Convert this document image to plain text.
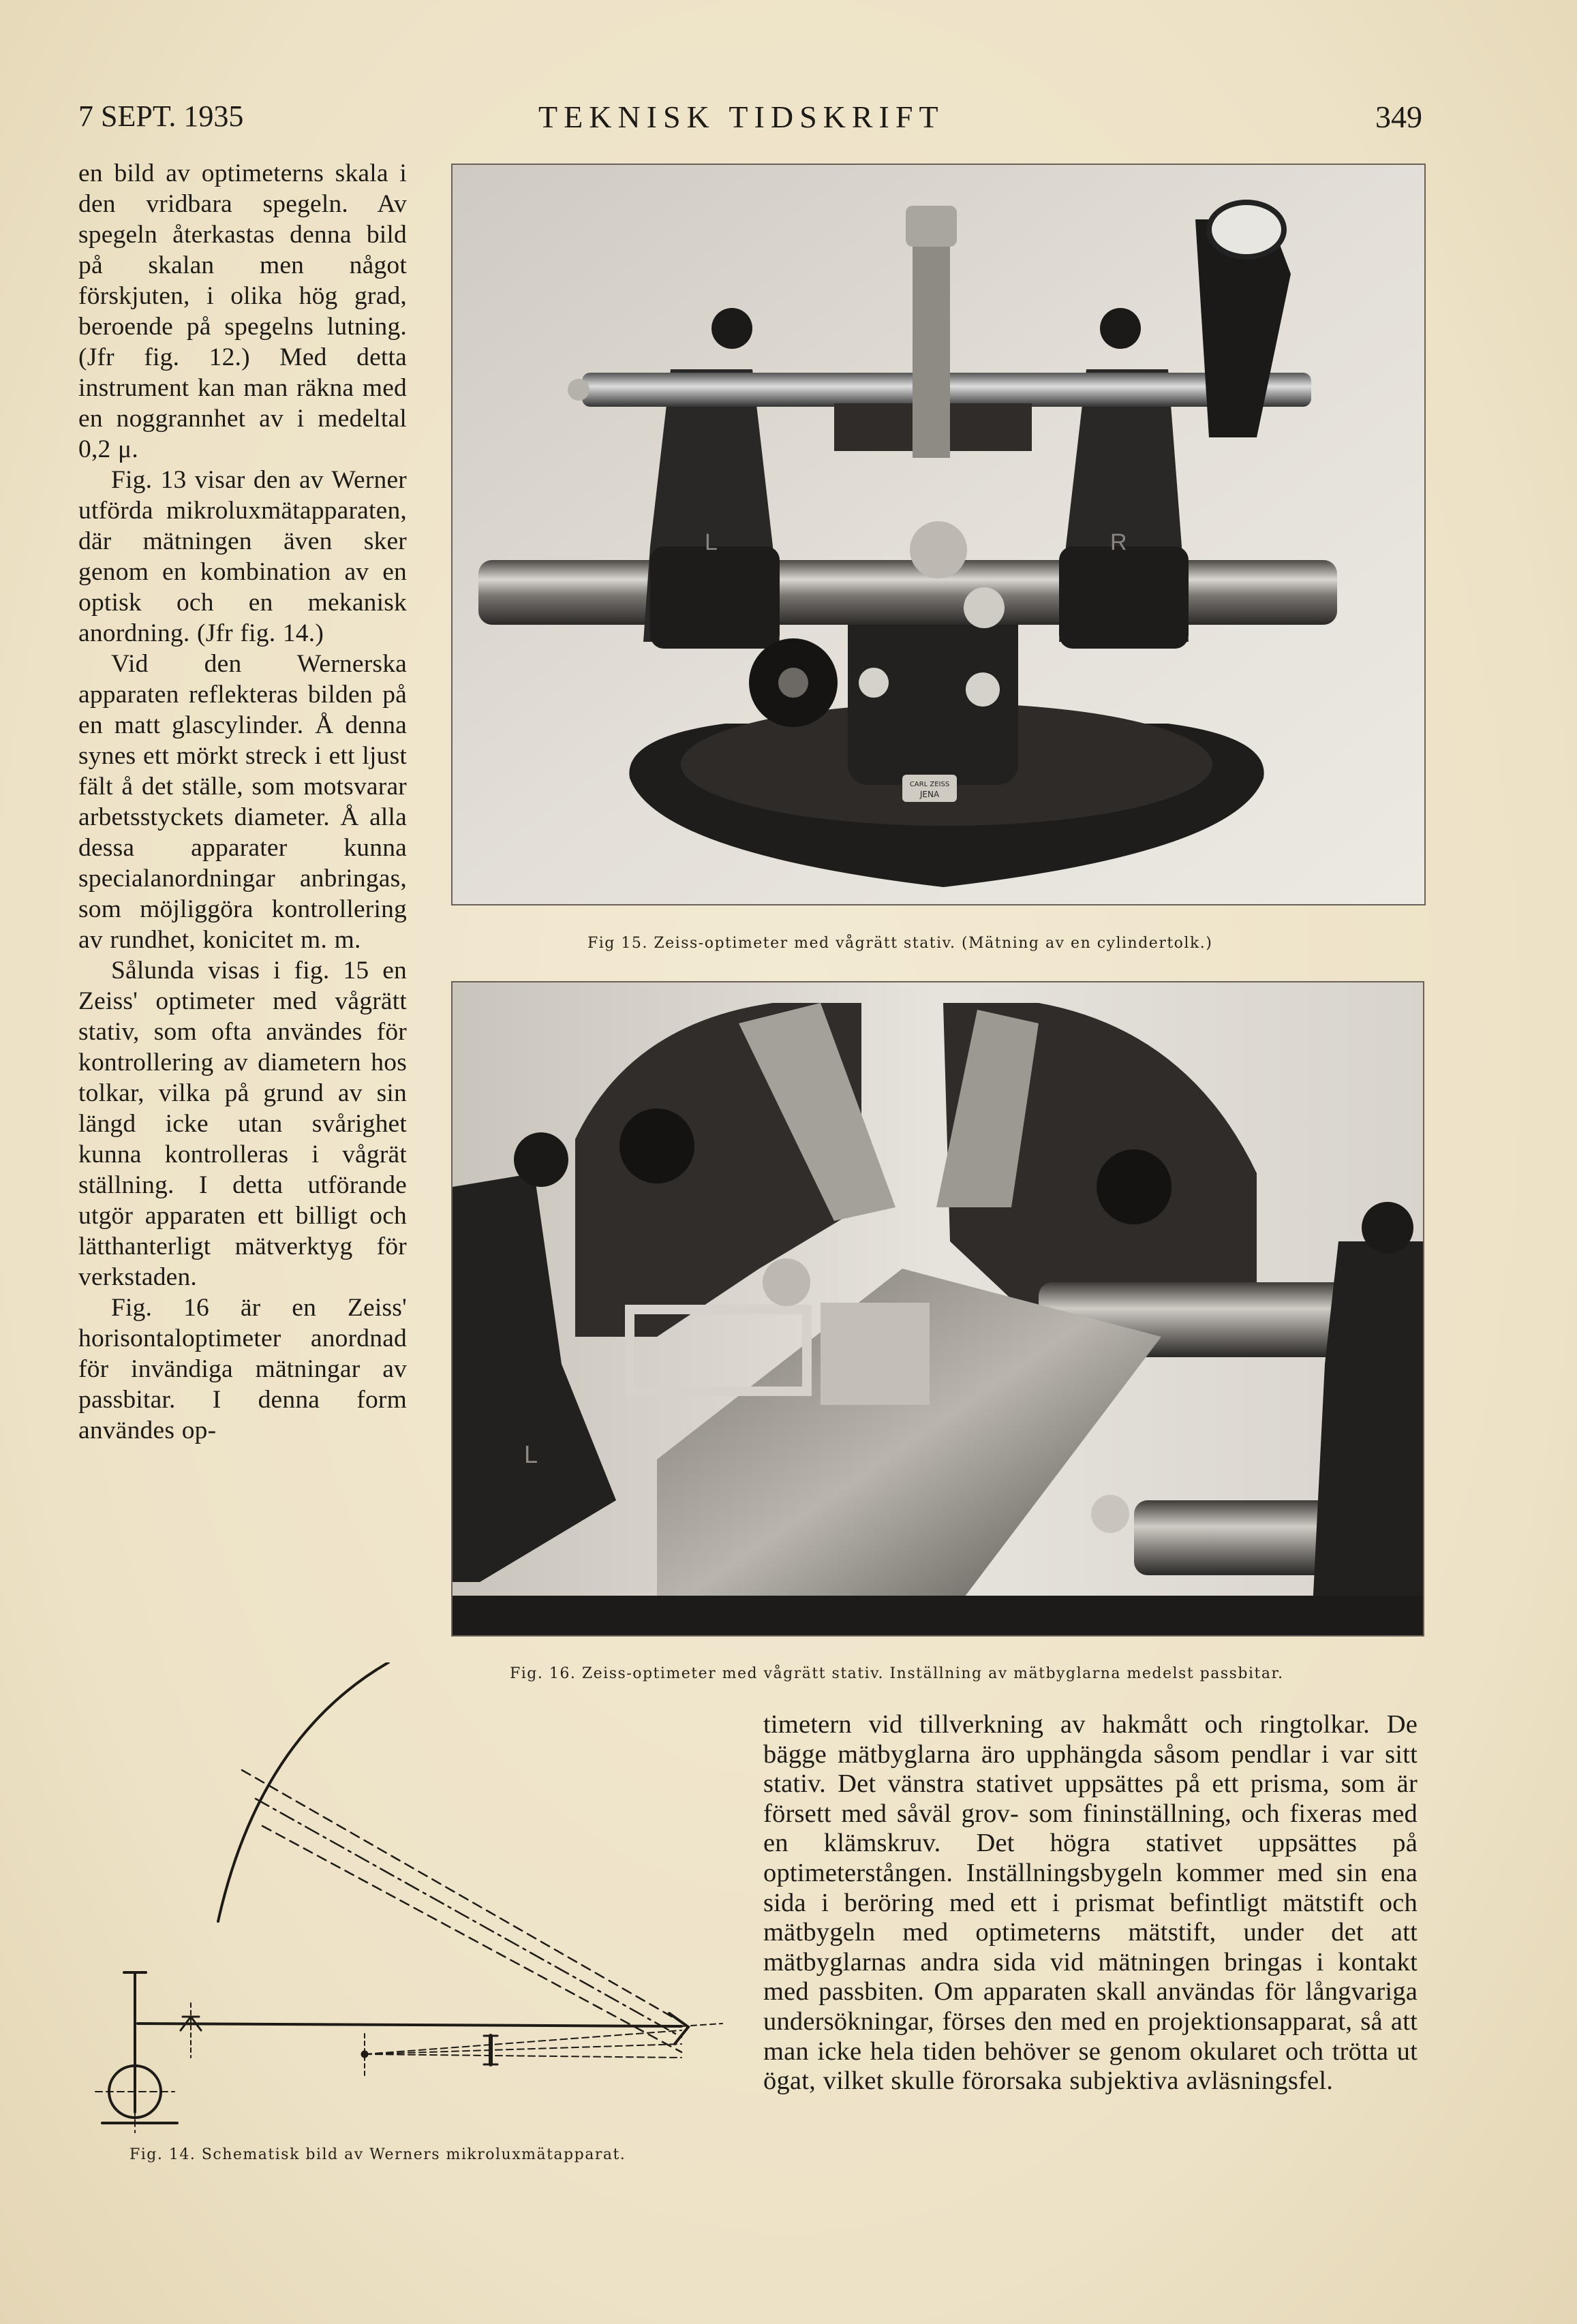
7 SEPT. 1935	TEKNISK TIDSKRIFT	349

en bild av optimeterns skala i den vridbara spegeln. Av spegeln återkastas denna bild på skalan men något förskjuten, i olika hög grad, beroende på spegelns lutning. (Jfr fig. 12.) Med detta instrument kan man räkna med en noggrannhet av i medeltal 0,2 μ.

Fig. 13 visar den av Werner utförda mikroluxmätapparaten, där mätningen även sker genom en kombination av en optisk och en mekanisk anordning. (Jfr fig. 14.)

Vid den Wernerska apparaten reflekteras bilden på en matt glascylinder. Å denna synes ett mörkt streck i ett ljust fält å det ställe, som motsvarar arbetsstyckets diameter. Å alla dessa apparater kunna specialanordningar anbringas, som möjliggöra kontrollering av rundhet, konicitet m. m.

Sålunda visas i fig. 15 en Zeiss' optimeter med vågrätt stativ, som ofta användes för kontrollering av diametern hos tolkar, vilka på grund av sin längd icke utan svårighet kunna kontrolleras i vågrät ställning. I detta utförande utgör apparaten ett billigt och lätthanterligt mätverktyg för verkstaden.

Fig. 16 är en Zeiss' horisontaloptimeter anordnad för invändiga mätningar av passbitar. I denna form användes op-

L	R
CARL ZEISS
JENA
Fig 15. Zeiss-optimeter med vågrätt stativ. (Mätning av en cylindertolk.)
L
Fig. 16. Zeiss-optimeter med vågrätt stativ. Inställning av mätbyglarna medelst passbitar.
Fig. 14. Schematisk bild av Werners mikroluxmätapparat.

timetern vid tillverkning av hakmått och ringtolkar. De bägge mätbyglarna äro upphängda såsom pendlar i var sitt stativ. Det vänstra stativet uppsättes på ett prisma, som är försett med såväl grov- som fininställning, och fixeras med en klämskruv. Det högra stativet uppsättes på optimeterstången. Inställningsbygeln kommer med sin ena sida i beröring med ett i prismat befintligt mätstift och mätbygeln med optimeterns mätstift, under det att mätbyglarnas andra sida vid mätningen bringas i kontakt med passbiten. Om apparaten skall användas för långvariga undersökningar, förses den med en projektionsapparat, så att man icke hela tiden behöver se genom okularet och trötta ut ögat, vilket skulle förorsaka subjektiva avläsningsfel.
